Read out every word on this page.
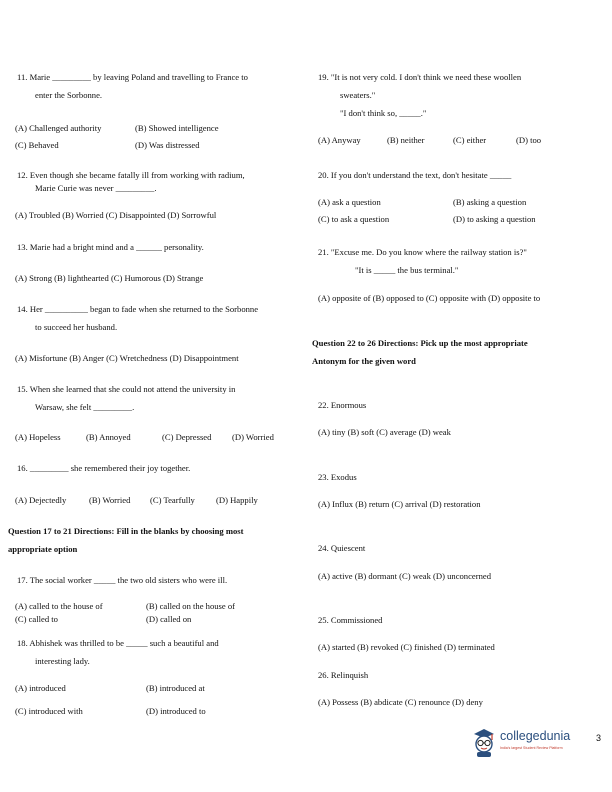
11. Marie _________ by leaving Poland and travelling to France to
enter the Sorbonne.
(A) Challenged authority	(B) Showed intelligence
(C) Behaved	(D) Was distressed
12. Even though she became fatally ill from working with radium,
Marie Curie was never _________.
(A) Troubled (B) Worried (C) Disappointed (D) Sorrowful
13. Marie had a bright mind and a ______ personality.
(A) Strong (B) lighthearted (C) Humorous (D) Strange
14. Her __________ began to fade when she returned to the Sorbonne
to succeed her husband.
(A) Misfortune (B) Anger (C) Wretchedness (D) Disappointment
15. When she learned that she could not attend the university in
Warsaw, she felt _________.
(A) Hopeless	(B) Annoyed	(C) Depressed (D) Worried
16. _________ she remembered their joy together.
(A) Dejectedly	(B) Worried (C) Tearfully (D) Happily
Question 17 to 21 Directions: Fill in the blanks by choosing most
appropriate option
17. The social worker _____ the two old sisters who were ill.
(A) called to the house of	(B) called on the house of
(C) called to	(D) called on
18. Abhishek was thrilled to be _____ such a beautiful and
interesting lady.
(A) introduced	(B) introduced at
(C) introduced with	(D) introduced to
19. "It is not very cold. I don't think we need these woollen
sweaters."
"I don't think so, _____."
(A) Anyway	(B) neither	(C) either	(D) too
20. If you don't understand the text, don't hesitate _____
(A) ask a question	(B) asking a question
(C) to ask a question	(D) to asking a question
21. "Excuse me. Do you know where the railway station is?"
"It is _____ the bus terminal."
(A) opposite of (B) opposed to (C) opposite with (D) opposite to
Question 22 to 26 Directions: Pick up the most appropriate
Antonym for the given word
22. Enormous
(A) tiny (B) soft (C) average (D) weak
23. Exodus
(A) Influx (B) return (C) arrival (D) restoration
24. Quiescent
(A) active (B) dormant (C) weak (D) unconcerned
25. Commissioned
(A) started (B) revoked (C) finished (D) terminated
26. Relinquish
(A) Possess (B) abdicate (C) renounce (D) deny
collegedunia
India's largest Student Review Platform
3
